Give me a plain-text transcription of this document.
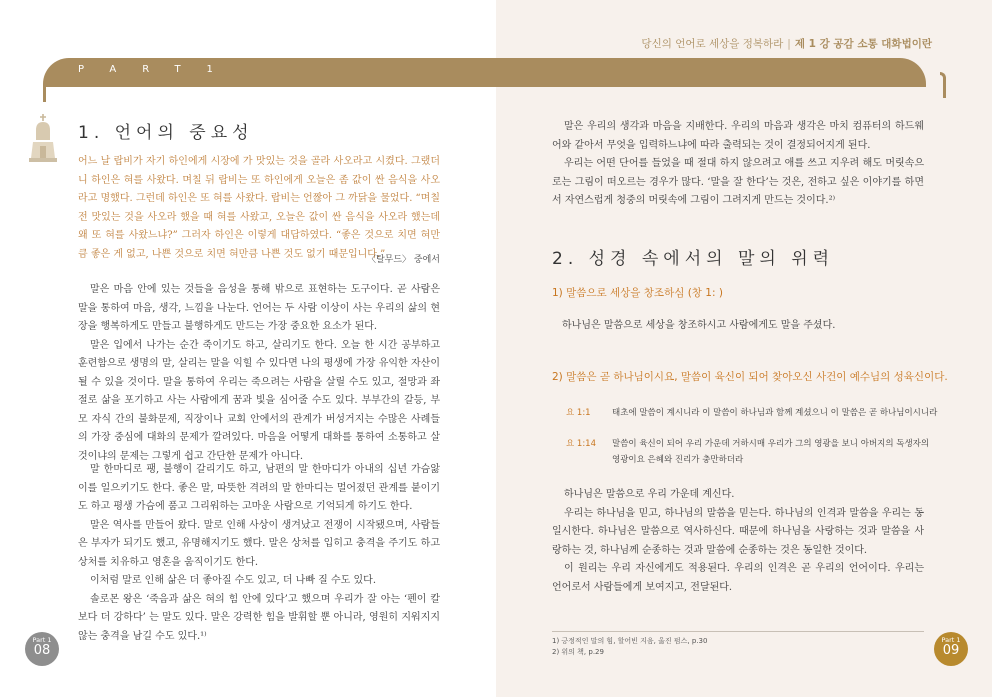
PART1
1. 언어의 중요성
어느 날 랍비가 자기 하인에게 시장에 가 맛있는 것을 골라 사오라고 시켰다. 그랬더니 하인은 혀를 사왔다. 며칠 뒤 랍비는 또 하인에게 오늘은 좀 값이 싼 음식을 사오라고 명했다. 그런데 하인은 또 혀를 사왔다. 랍비는 언짢아 그 까닭을 물었다. “며칠 전 맛있는 것을 사오라 했을 때 혀를 사왔고, 오늘은 값이 싼 음식을 사오라 했는데 왜 또 혀를 사왔느냐?” 그러자 하인은 이렇게 대답하였다. “좋은 것으로 치면 혀만큼 좋은 게 없고, 나쁜 것으로 치면 혀만큼 나쁜 것도 없기 때문입니다.”
〈탈무드〉 중에서

말은 마음 안에 있는 것들을 음성을 통해 밖으로 표현하는 도구이다. 곧 사람은 말을 통하여 마음, 생각, 느낌을 나눈다. 언어는 두 사람 이상이 사는 우리의 삶의 현장을 행복하게도 만들고 불행하게도 만드는 가장 중요한 요소가 된다.

말은 입에서 나가는 순간 죽이기도 하고, 살리기도 한다. 오늘 한 시간 공부하고 훈련함으로 생명의 말, 살리는 말을 익힐 수 있다면 나의 평생에 가장 유익한 자산이 될 수 있을 것이다. 말을 통하여 우리는 죽으려는 사람을 살릴 수도 있고, 절망과 좌절로 삶을 포기하고 사는 사람에게 꿈과 빛을 심어줄 수도 있다. 부부간의 갈등, 부모 자식 간의 불화문제, 직장이나 교회 안에서의 관계가 버성거지는 수많은 사례들의 가장 중심에 대화의 문제가 깔려있다. 마음을 어떻게 대화를 통하여 소통하고 살 것이냐의 문제는 그렇게 쉽고 간단한 문제가 아니다.

말 한마디로 팽, 불행이 갈리기도 하고, 남편의 말 한마디가 아내의 십년 가슴앓이를 일으키기도 한다. 좋은 말, 따뜻한 격려의 말 한마디는 멀어졌던 관계를 붙이기도 하고 평생 가슴에 품고 그리워하는 고마운 사람으로 기억되게 하기도 한다.

말은 역사를 만들어 왔다. 말로 인해 사상이 생겨났고 전쟁이 시작됐으며, 사람들은 부자가 되기도 했고, 유명해지기도 했다. 말은 상처를 입히고 충격을 주기도 하고 상처를 치유하고 영혼을 움직이기도 한다.

이처럼 말로 인해 삶은 더 좋아질 수도 있고, 더 나빠 질 수도 있다.

솔로몬 왕은 ‘죽음과 삶은 혀의 힘 안에 있다’고 했으며 우리가 잘 아는 ‘펜이 칼보다 더 강하다’ 는 말도 있다. 말은 강력한 힘을 발휘할 뿐 아니라, 영원히 지워지지 않는 충격을 남길 수도 있다.¹⁾

Part 1
08
당신의 언어로 세상을 정복하라 | 제 1 강 공감 소통 대화법이란

말은 우리의 생각과 마음을 지배한다. 우리의 마음과 생각은 마치 컴퓨터의 하드웨어와 같아서 무엇을 입력하느냐에 따라 출력되는 것이 결정되어지게 된다.

우리는 어떤 단어를 들었을 때 절대 하지 않으려고 애를 쓰고 지우려 해도 머릿속으로는 그림이 떠오르는 경우가 많다. ‘말을 잘 한다’는 것은, 전하고 싶은 이야기를 하면서 자연스럽게 청중의 머릿속에 그림이 그려지게 만드는 것이다.²⁾

2. 성경 속에서의 말의 위력
1) 말씀으로 세상을 창조하심 (창 1: )
하나님은 말씀으로 세상을 창조하시고 사람에게도 말을 주셨다.
2) 말씀은 곧 하나님이시요, 말씀이 육신이 되어 찾아오신 사건이 예수님의 성육신이다.
요 1:1	태초에 말씀이 계시니라 이 말씀이 하나님과 함께 계셨으니 이 말씀은 곧 하나님이시니라
요 1:14 말씀이 육신이 되어 우리 가운데 거하시매 우리가 그의 영광을 보니 아버지의 독생자의 영광이요 은혜와 진리가 충만하더라

하나님은 말씀으로 우리 가운데 계신다.

우리는 하나님을 믿고, 하나님의 말씀을 믿는다. 하나님의 인격과 말씀을 우리는 동일시한다. 하나님은 말씀으로 역사하신다. 때문에 하나님을 사랑하는 것과 말씀을 사랑하는 것, 하나님께 순종하는 것과 말씀에 순종하는 것은 동일한 것이다.

이 원리는 우리 자신에게도 적용된다. 우리의 인격은 곧 우리의 언어이다. 우리는 언어로서 사람들에게 보여지고, 전달된다.

1) 긍정적인 말의 힘, 할어빈 지음, 옮진 펌스, p.30
2) 위의 책, p.29
Part 1
09
